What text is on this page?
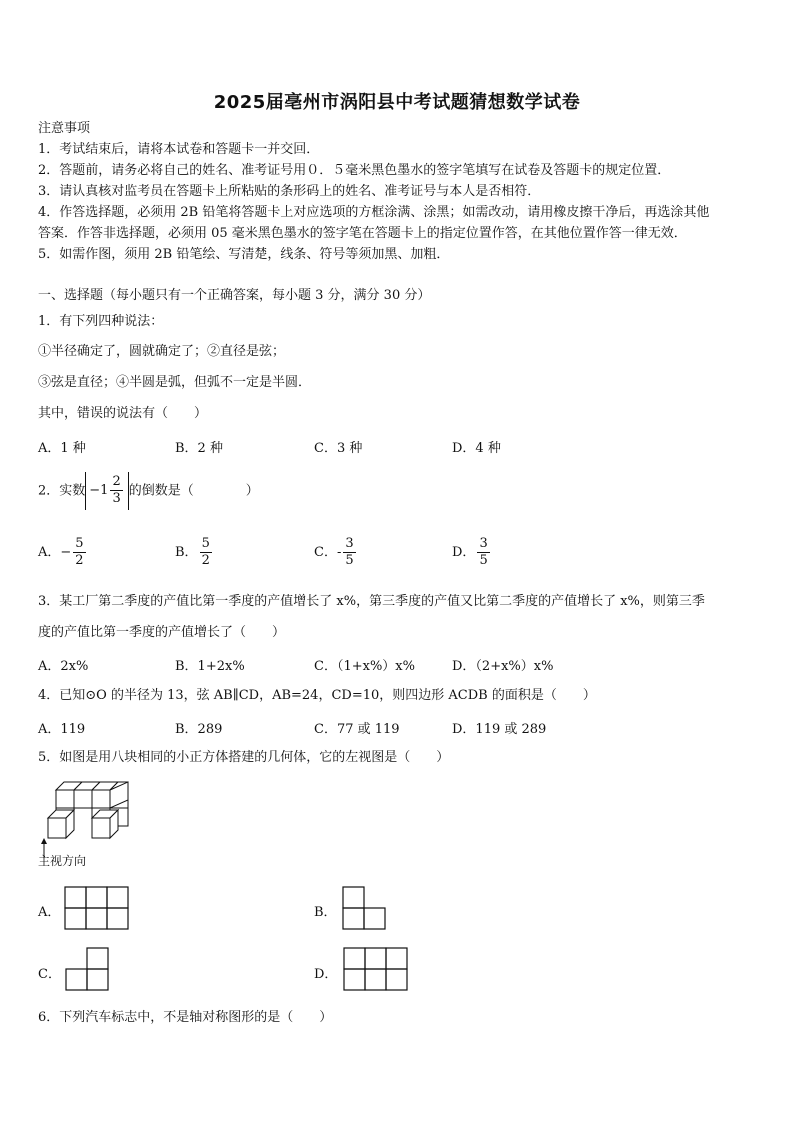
2025届亳州市涡阳县中考试题猜想数学试卷
注意事项
1．考试结束后，请将本试卷和答题卡一并交回．
2．答题前，请务必将自己的姓名、准考证号用０．５毫米黑色墨水的签字笔填写在试卷及答题卡的规定位置．
3．请认真核对监考员在答题卡上所粘贴的条形码上的姓名、准考证号与本人是否相符．
4．作答选择题，必须用 2B 铅笔将答题卡上对应选项的方框涂满、涂黑；如需改动，请用橡皮擦干净后，再选涂其他
答案．作答非选择题，必须用 05 毫米黑色墨水的签字笔在答题卡上的指定位置作答，在其他位置作答一律无效．
5．如需作图，须用 2B 铅笔绘、写清楚，线条、符号等须加黑、加粗．
一、选择题（每小题只有一个正确答案，每小题 3 分，满分 30 分）
1．有下列四种说法：
①半径确定了，圆就确定了；②直径是弦；
③弦是直径；④半圆是弧，但弧不一定是半圆．
其中，错误的说法有（　　）
A．1 种	B．2 种	C．3 种	D．4 种
2．实数 $-1 \frac{2}{3}$ 的倒数是（　　　　）
A．− $\frac{5}{2}$	B． $\frac{5}{2}$	C．- $\frac{3}{5}$	D． $\frac{3}{5}$
3．某工厂第二季度的产值比第一季度的产值增长了 x%，第三季度的产值又比第二季度的产值增长了 x%，则第三季
度的产值比第一季度的产值增长了（　　）
A．2x%	B．1+2x%	C．（1+x%）x%	D．（2+x%）x%
4．已知⊙O 的半径为 13，弦 AB∥CD，AB=24，CD=10，则四边形 ACDB 的面积是（　　）
A．119	B．289	C．77 或 119	D．119 或 289
5．如图是用八块相同的小正方体搭建的几何体，它的左视图是（　　）
主视方向
A．	B．
C．	D．
6．下列汽车标志中，不是轴对称图形的是（　　）
